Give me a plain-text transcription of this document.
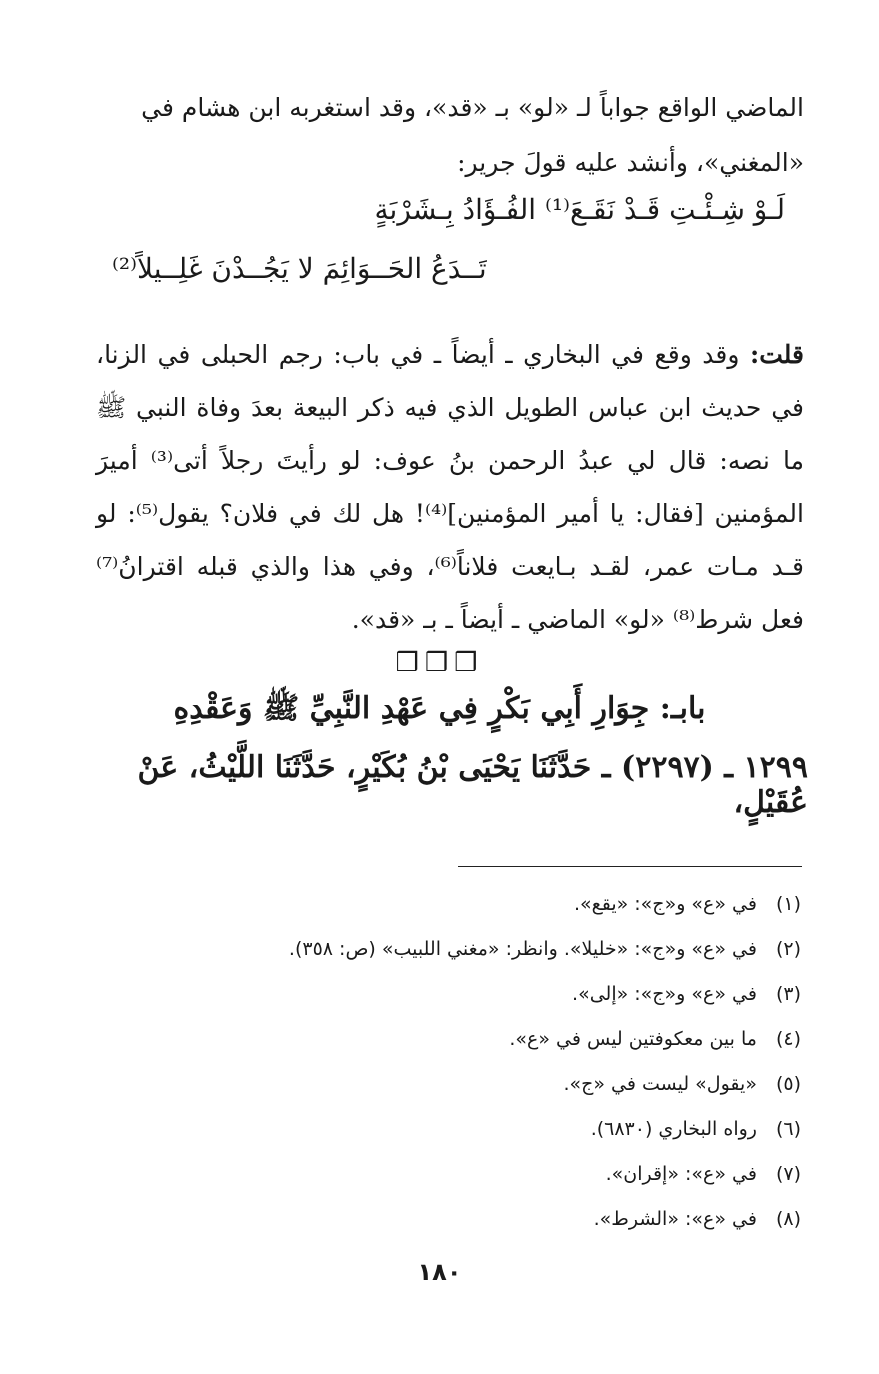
الماضي الواقع جواباً لـ «لو» بـ «قد»، وقد استغربه ابن هشام في «المغني»، وأنشد عليه قولَ جرير:

لَـوْ شِـئْـتِ قَـدْ نَقَـعَ⁽¹⁾ الفُـؤَادُ بِـشَرْبَةٍ

تَــدَعُ الحَــوَائِمَ لا يَجُــدْنَ غَلِــيلاً⁽²⁾

قلت: وقد وقع في البخاري ـ أيضاً ـ في باب: رجم الحبلى في الزنا، في حديث ابن عباس الطويل الذي فيه ذكر البيعة بعدَ وفاة النبي ﷺ ما نصه: قال لي عبدُ الرحمن بنُ عوف: لو رأيتَ رجلاً أتى⁽³⁾ أميرَ المؤمنين [فقال: يا أمير المؤمنين]⁽⁴⁾! هل لك في فلان؟ يقول⁽⁵⁾: لو قـد مـات عمر، لقـد بـايعت فلاناً⁽⁶⁾، وفي هذا والذي قبله اقترانُ⁽⁷⁾ فعل شرط⁽⁸⁾ «لو» الماضي ـ أيضاً ـ بـ «قد».

❒❒❒
بابـ: جِوَارِ أَبِي بَكْرٍ فِي عَهْدِ النَّبِيِّ ﷺ وَعَقْدِهِ

١٢٩٩ ـ (٢٢٩٧) ـ حَدَّثَنَا يَحْيَى بْنُ بُكَيْرٍ، حَدَّثَنَا اللَّيْثُ، عَنْ عُقَيْلٍ،

(١) في «ع» و«ج»: «يقع».
(٢) في «ع» و«ج»: «خليلا». وانظر: «مغني اللبيب» (ص: ٣٥٨).
(٣) في «ع» و«ج»: «إلى».
(٤) ما بين معكوفتين ليس في «ع».
(٥) «يقول» ليست في «ج».
(٦) رواه البخاري (٦٨٣٠).
(٧) في «ع»: «إقران».
(٨) في «ع»: «الشرط».
١٨٠
